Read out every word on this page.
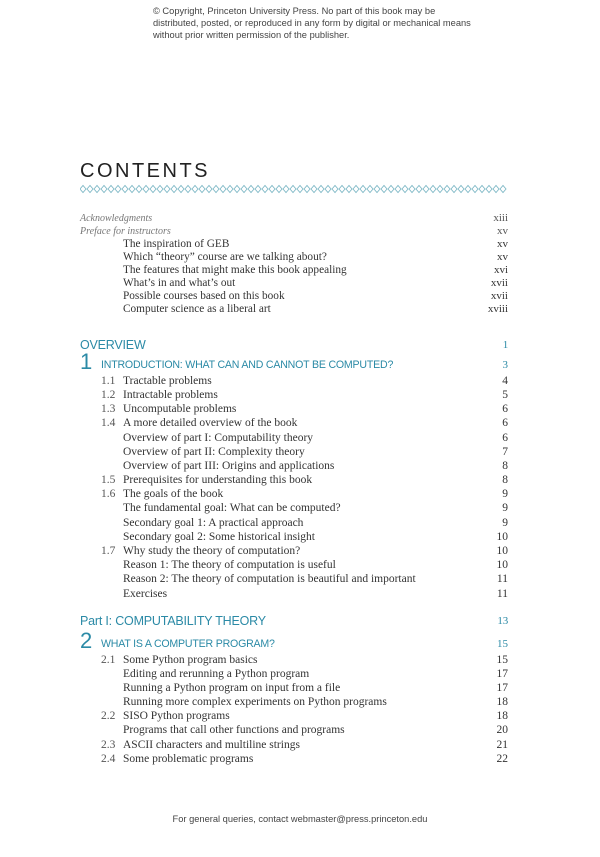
© Copyright, Princeton University Press. No part of this book may be distributed, posted, or reproduced in any form by digital or mechanical means without prior written permission of the publisher.
CONTENTS
Acknowledgments	xiii
Preface for instructors	xv
The inspiration of GEB	xv
Which “theory” course are we talking about?	xv
The features that might make this book appealing	xvi
What’s in and what’s out	xvii
Possible courses based on this book	xvii
Computer science as a liberal art	xviii
OVERVIEW	1
1 INTRODUCTION: WHAT CAN AND CANNOT BE COMPUTED?	3
1.1 Tractable problems	4
1.2 Intractable problems	5
1.3 Uncomputable problems	6
1.4 A more detailed overview of the book	6
Overview of part I: Computability theory	6
Overview of part II: Complexity theory	7
Overview of part III: Origins and applications	8
1.5 Prerequisites for understanding this book	8
1.6 The goals of the book	9
The fundamental goal: What can be computed?	9
Secondary goal 1: A practical approach	9
Secondary goal 2: Some historical insight	10
1.7 Why study the theory of computation?	10
Reason 1: The theory of computation is useful	10
Reason 2: The theory of computation is beautiful and important	11
Exercises	11
Part I: COMPUTABILITY THEORY	13
2 WHAT IS A COMPUTER PROGRAM?	15
2.1 Some Python program basics	15
Editing and rerunning a Python program	17
Running a Python program on input from a file	17
Running more complex experiments on Python programs	18
2.2 SISO Python programs	18
Programs that call other functions and programs	20
2.3 ASCII characters and multiline strings	21
2.4 Some problematic programs	22
For general queries, contact webmaster@press.princeton.edu
